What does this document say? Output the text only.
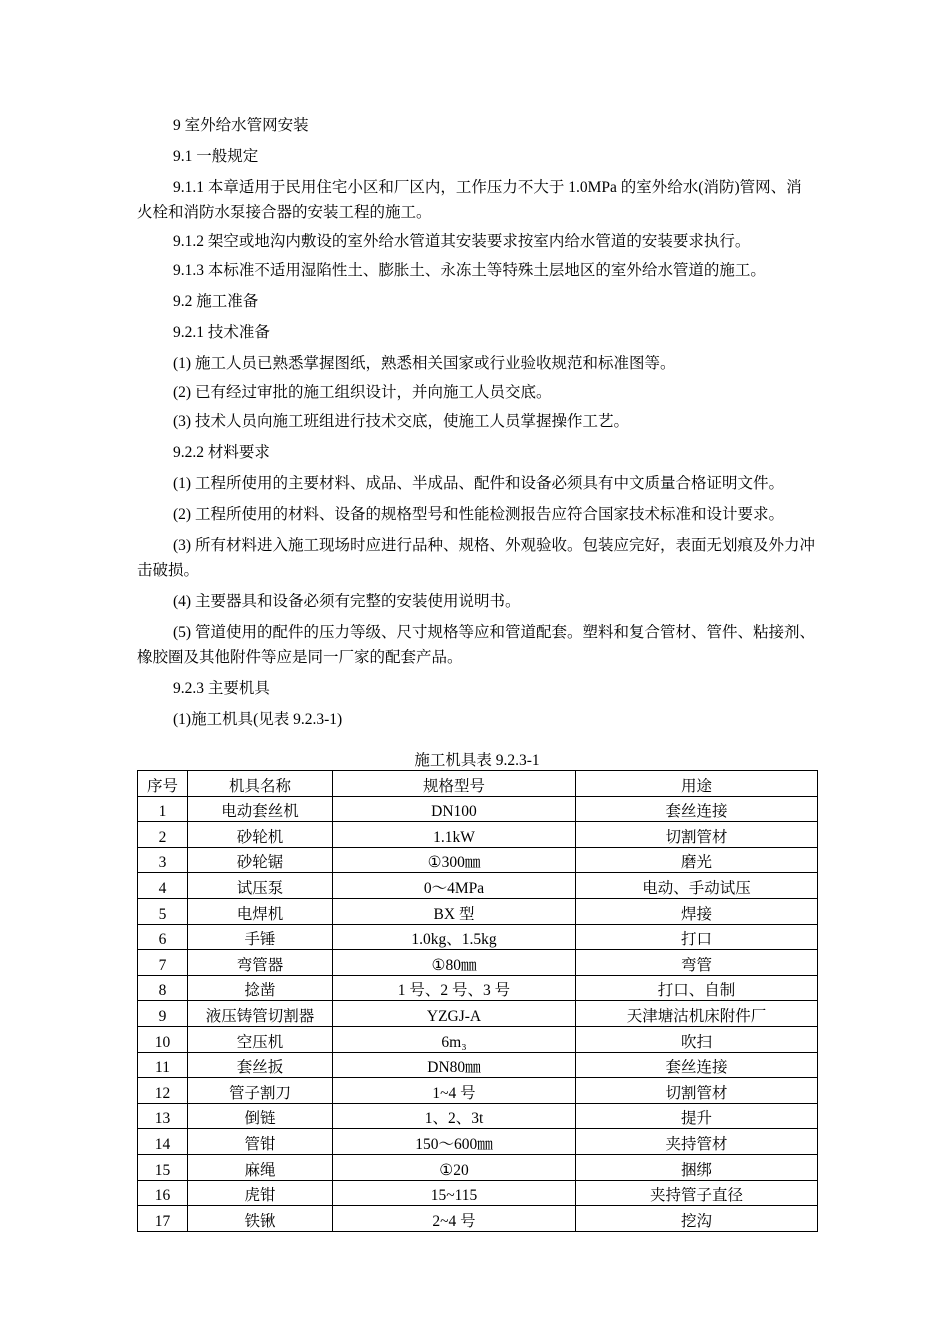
9 室外给水管网安装

9.1 一般规定

9.1.1 本章适用于民用住宅小区和厂区内，工作压力不大于 1.0MPa 的室外给水(消防)管网、消火栓和消防水泵接合器的安装工程的施工。

9.1.2 架空或地沟内敷设的室外给水管道其安装要求按室内给水管道的安装要求执行。

9.1.3 本标准不适用湿陷性土、膨胀土、永冻土等特殊土层地区的室外给水管道的施工。

9.2 施工准备

9.2.1 技术准备

(1) 施工人员已熟悉掌握图纸，熟悉相关国家或行业验收规范和标准图等。

(2) 已有经过审批的施工组织设计，并向施工人员交底。

(3) 技术人员向施工班组进行技术交底，使施工人员掌握操作工艺。

9.2.2 材料要求

(1) 工程所使用的主要材料、成品、半成品、配件和设备必须具有中文质量合格证明文件。

(2) 工程所使用的材料、设备的规格型号和性能检测报告应符合国家技术标准和设计要求。

(3) 所有材料进入施工现场时应进行品种、规格、外观验收。包装应完好，表面无划痕及外力冲击破损。

(4) 主要器具和设备必须有完整的安装使用说明书。

(5) 管道使用的配件的压力等级、尺寸规格等应和管道配套。塑料和复合管材、管件、粘接剂、橡胶圈及其他附件等应是同一厂家的配套产品。

9.2.3 主要机具

(1)施工机具(见表 9.2.3-1)

施工机具表 9.2.3-1
序号	机具名称	规格型号	用途
1	电动套丝机	DN100	套丝连接
2	砂轮机	1.1kW	切割管材
3	砂轮锯	①300㎜	磨光
4	试压泵	0〜4MPa	电动、手动试压
5	电焊机	BX 型	焊接
6	手锤	1.0kg、1.5kg	打口
7	弯管器	①80㎜	弯管
8	捻凿	1 号、2 号、3 号	打口、自制
9	液压铸管切割器	YZGJ-A	天津塘沽机床附件厂
10	空压机	6m₃	吹扫
11	套丝扳	DN80㎜	套丝连接
12	管子割刀	1~4 号	切割管材
13	倒链	1、2、3t	提升
14	管钳	150〜600㎜	夹持管材
15	麻绳	①20	捆绑
16	虎钳	15~115	夹持管子直径
17	铁锹	2~4 号	挖沟
